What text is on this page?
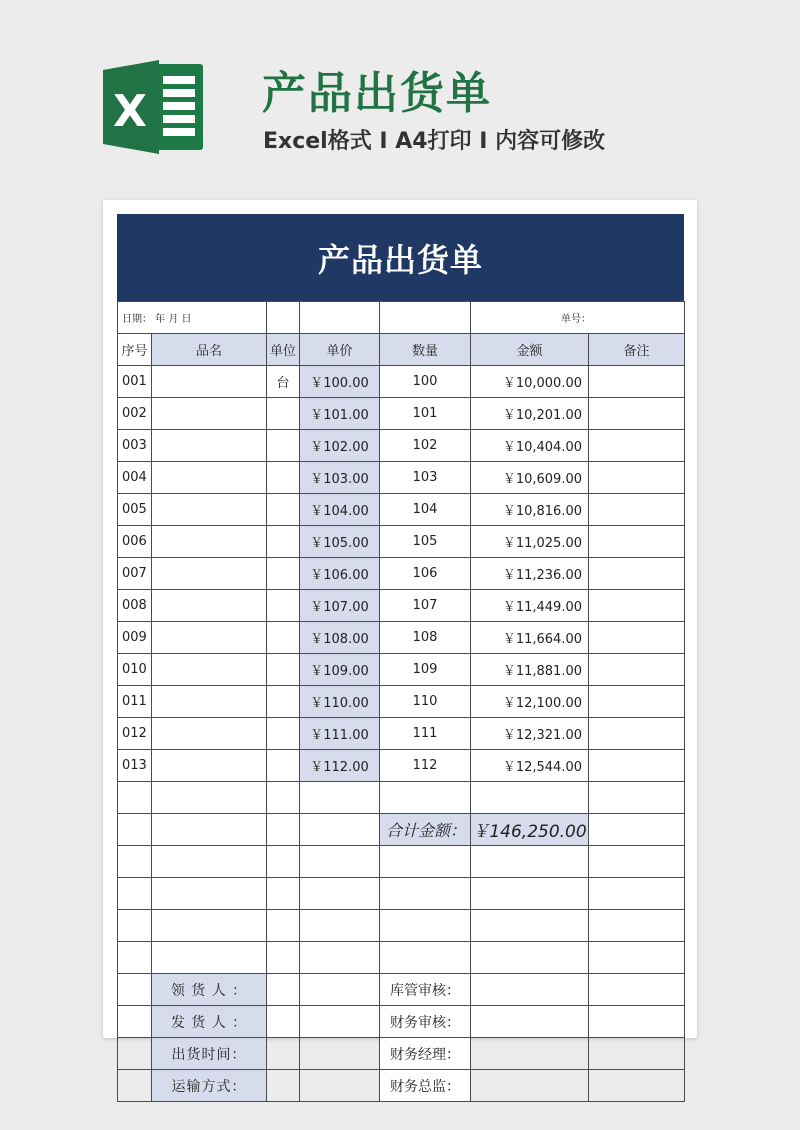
X	产品出货单
Excel格式 I A4打印 I 内容可修改
产品出货单
日期： 年 月 日					单号：	
序号	品名	单位	单价	数量	金额	备注
001		台	￥100.00	100	￥10,000.00	
002			￥101.00	101	￥10,201.00	
003			￥102.00	102	￥10,404.00	
004			￥103.00	103	￥10,609.00	
005			￥104.00	104	￥10,816.00	
006			￥105.00	105	￥11,025.00	
007			￥106.00	106	￥11,236.00	
008			￥107.00	107	￥11,449.00	
009			￥108.00	108	￥11,664.00	
010			￥109.00	109	￥11,881.00	
011			￥110.00	110	￥12,100.00	
012			￥111.00	111	￥12,321.00	
013			￥112.00	112	￥12,544.00	

				合计金额：	￥146,250.00	

	领 货 人 ：			库管审核：		
	发 货 人 ：			财务审核：		
	出货时间：			财务经理：		
	运输方式：			财务总监：		
